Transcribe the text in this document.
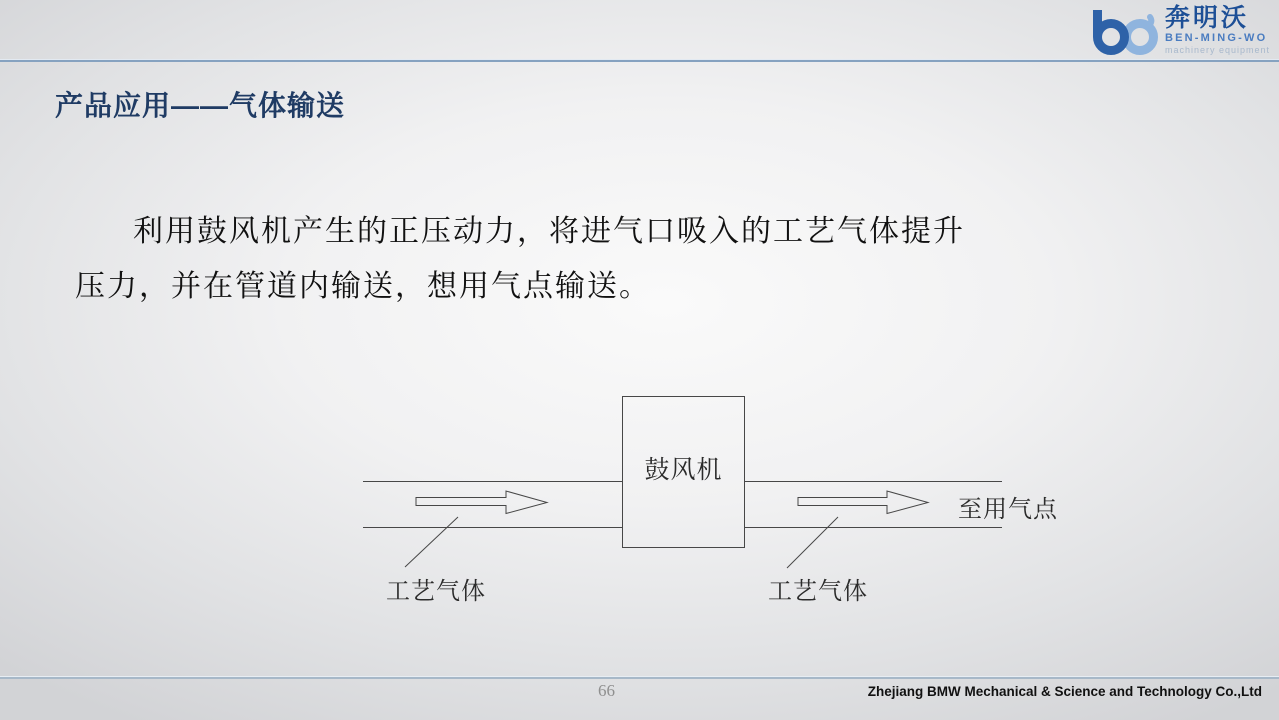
奔明沃
BEN-MING-WO
machinery equipment
产品应用——气体输送

利用鼓风机产生的正压动力，将进气口吸入的工艺气体提升

压力，并在管道内输送，想用气点输送。

鼓风机
至用气点
工艺气体	工艺气体
66	Zhejiang BMW Mechanical & Science and Technology Co.,Ltd
